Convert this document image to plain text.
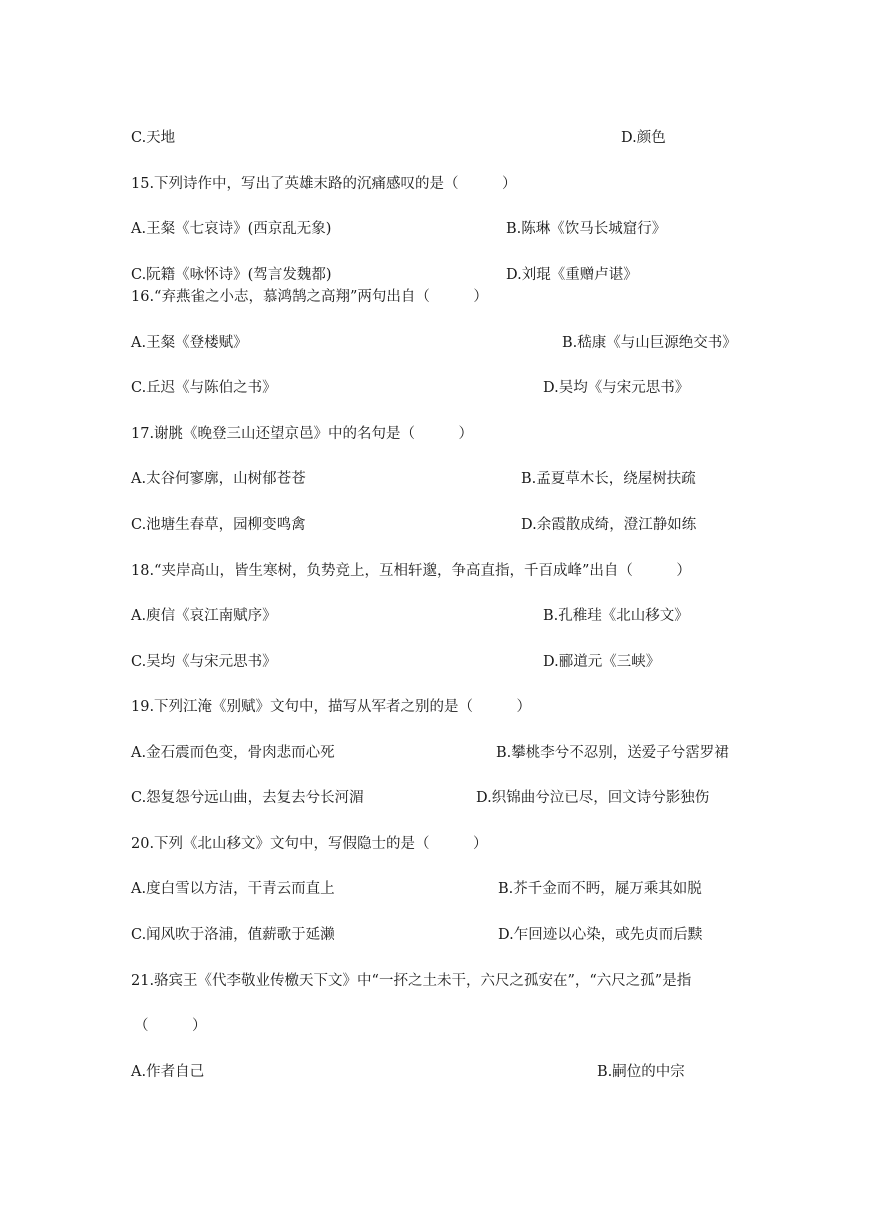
C.天地	D.颜色
15.下列诗作中，写出了英雄末路的沉痛感叹的是（　　　）
A.王粲《七哀诗》(西京乱无象)	B.陈琳《饮马长城窟行》
C.阮籍《咏怀诗》(驾言发魏都)	D.刘琨《重赠卢谌》
16.“弃燕雀之小志，慕鸿鹄之高翔”两句出自（　　　）
A.王粲《登楼赋》	B.嵇康《与山巨源绝交书》
C.丘迟《与陈伯之书》	D.吴均《与宋元思书》
17.谢朓《晚登三山还望京邑》中的名句是（　　　）
A.太谷何寥廓，山树郁苍苍	B.孟夏草木长，绕屋树扶疏
C.池塘生春草，园柳变鸣禽	D.余霞散成绮，澄江静如练
18.“夹岸高山，皆生寒树，负势竞上，互相轩邈，争高直指，千百成峰”出自（　　　）
A.庾信《哀江南赋序》	B.孔稚珪《北山移文》
C.吴均《与宋元思书》	D.郦道元《三峡》
19.下列江淹《别赋》文句中，描写从军者之别的是（　　　）
A.金石震而色变，骨肉悲而心死	B.攀桃李兮不忍别，送爱子兮霑罗裙
C.怨复怨兮远山曲，去复去兮长河湄	D.织锦曲兮泣已尽，回文诗兮影独伤
20.下列《北山移文》文句中，写假隐士的是（　　　）
A.度白雪以方洁，干青云而直上	B.芥千金而不眄，屣万乘其如脱
C.闻风吹于洛浦，值薪歌于延濑	D.乍回迹以心染，或先贞而后黩
21.骆宾王《代李敬业传檄天下文》中“一抔之土未干，六尺之孤安在”，“六尺之孤”是指
（　　　）
A.作者自己	B.嗣位的中宗
